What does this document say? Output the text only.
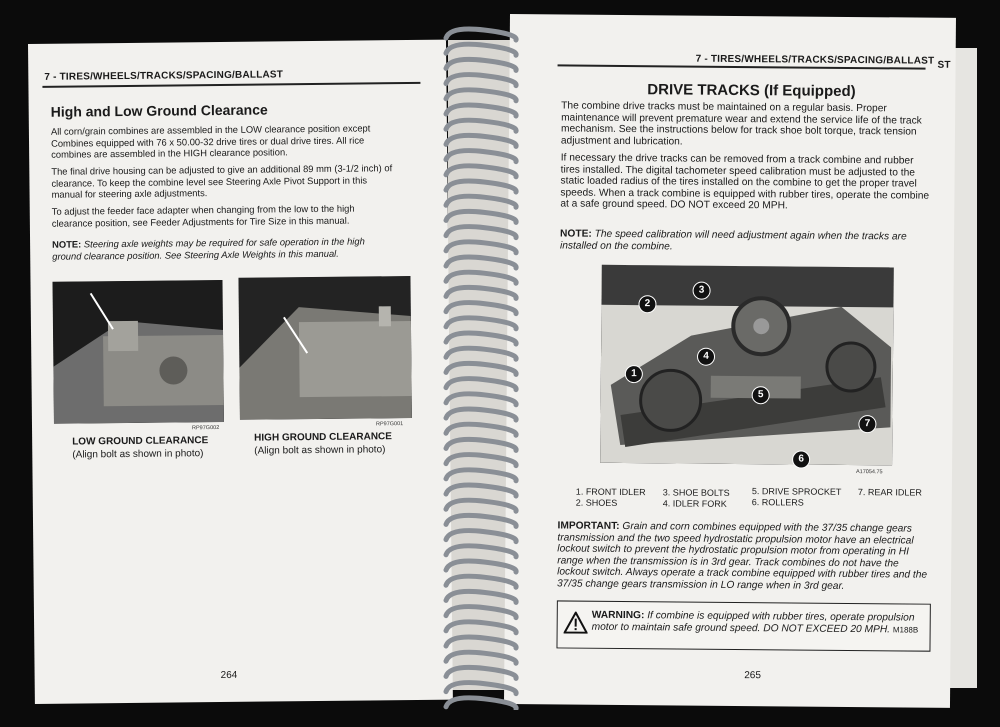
7 - TIRES/WHEELS/TRACKS/SPACING/BALLAST
High and Low Ground Clearance
All corn/grain combines are assembled in the LOW clearance position except
Combines equipped with 76 x 50.00-32 drive tires or dual drive tires. All rice
combines are assembled in the HIGH clearance position.
The final drive housing can be adjusted to give an additional 89 mm (3-1/2 inch) of
clearance. To keep the combine level see Steering Axle Pivot Support in this
manual for steering axle adjustments.
To adjust the feeder face adapter when changing from the low to the high
clearance position, see Feeder Adjustments for Tire Size in this manual.
NOTE: Steering axle weights may be required for safe operation in the high
ground clearance position. See Steering Axle Weights in this manual.
RP97G002
LOW GROUND CLEARANCE
(Align bolt as shown in photo)
RP97G001
HIGH GROUND CLEARANCE
(Align bolt as shown in photo)
264
7 - TIRES/WHEELS/TRACKS/SPACING/BALLAST ST
DRIVE TRACKS (If Equipped)
The combine drive tracks must be maintained on a regular basis. Proper
maintenance will prevent premature wear and extend the service life of the track
mechanism. See the instructions below for track shoe bolt torque, track tension
adjustment and lubrication.
If necessary the drive tracks can be removed from a track combine and rubber
tires installed. The digital tachometer speed calibration must be adjusted to the
static loaded radius of the tires installed on the combine to get the proper travel
speeds. When a track combine is equipped with rubber tires, operate the combine
at a safe ground speed. DO NOT exceed 20 MPH.
NOTE: The speed calibration will need adjustment again when the tracks are
installed on the combine.
1
2
3
4
5
6
7
A17054.75
1. FRONT IDLER 3. SHOE BOLTS 5. DRIVE SPROCKET 7. REAR IDLER
2. SHOES	4. IDLER FORK	6. ROLLERS
IMPORTANT: Grain and corn combines equipped with the 37/35 change gears
transmission and the two speed hydrostatic propulsion motor have an electrical
lockout switch to prevent the hydrostatic propulsion motor from operating in HI
range when the transmission is in 3rd gear. Track combines do not have the
lockout switch. Always operate a track combine equipped with rubber tires and the
37/35 change gears transmission in LO range when in 3rd gear.
WARNING: If combine is equipped with rubber tires, operate propulsion
motor to maintain safe ground speed. DO NOT EXCEED 20 MPH. M188B
265
